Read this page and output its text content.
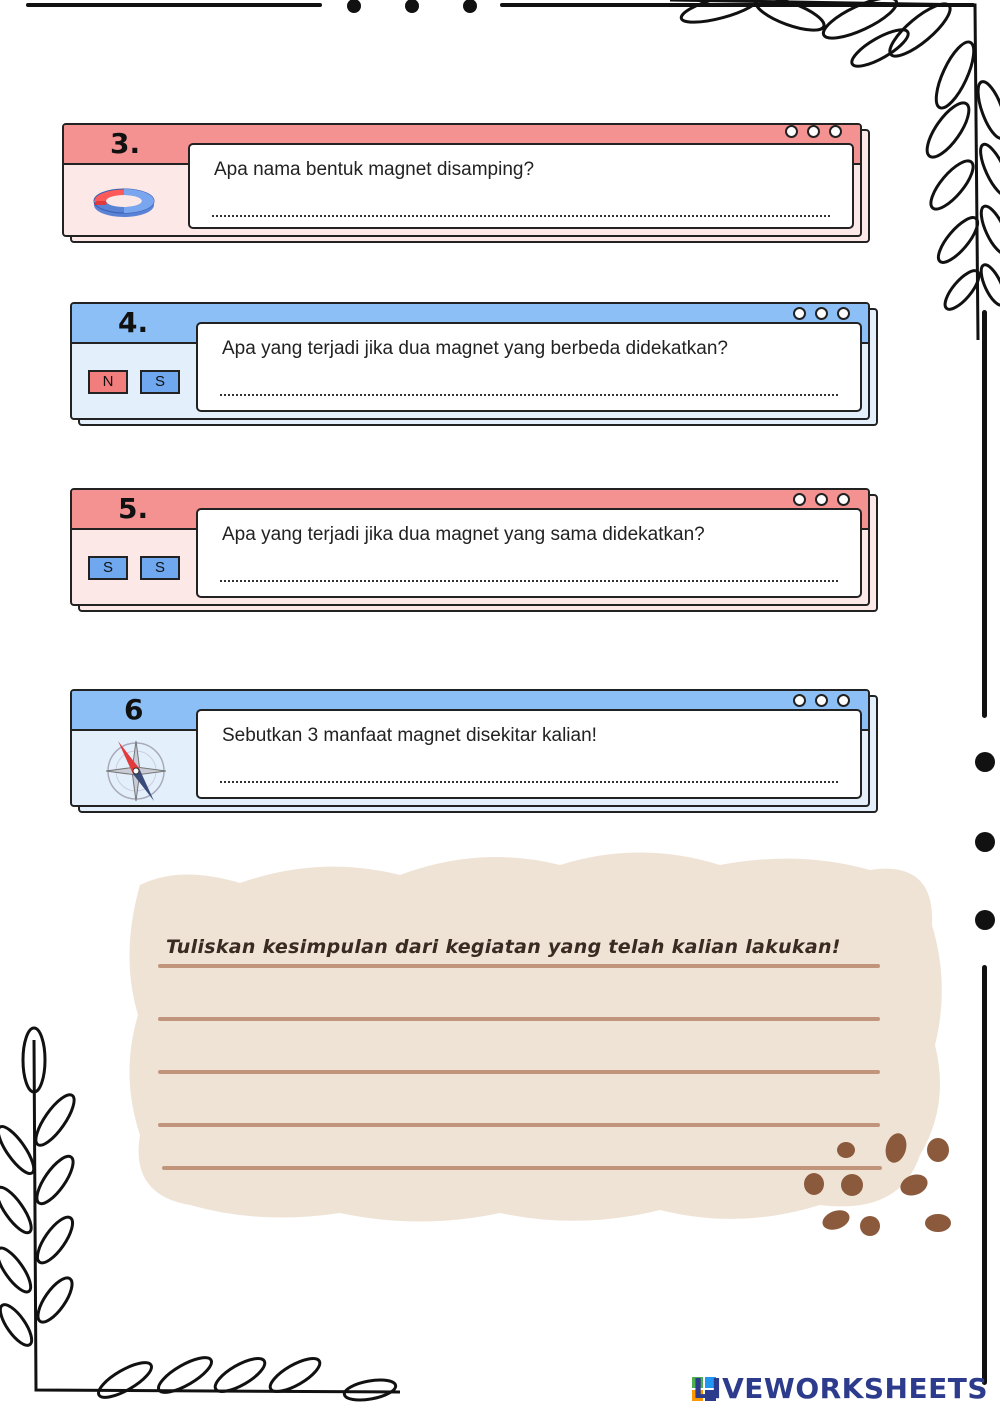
3.
Apa nama bentuk magnet disamping?
4.
N	S
Apa yang terjadi jika dua magnet yang berbeda didekatkan?
5.
S	S
Apa yang terjadi jika dua magnet yang sama didekatkan?
6
Sebutkan 3 manfaat magnet disekitar kalian!
Tuliskan kesimpulan dari kegiatan yang telah kalian lakukan!
LIVEWORKSHEETS
